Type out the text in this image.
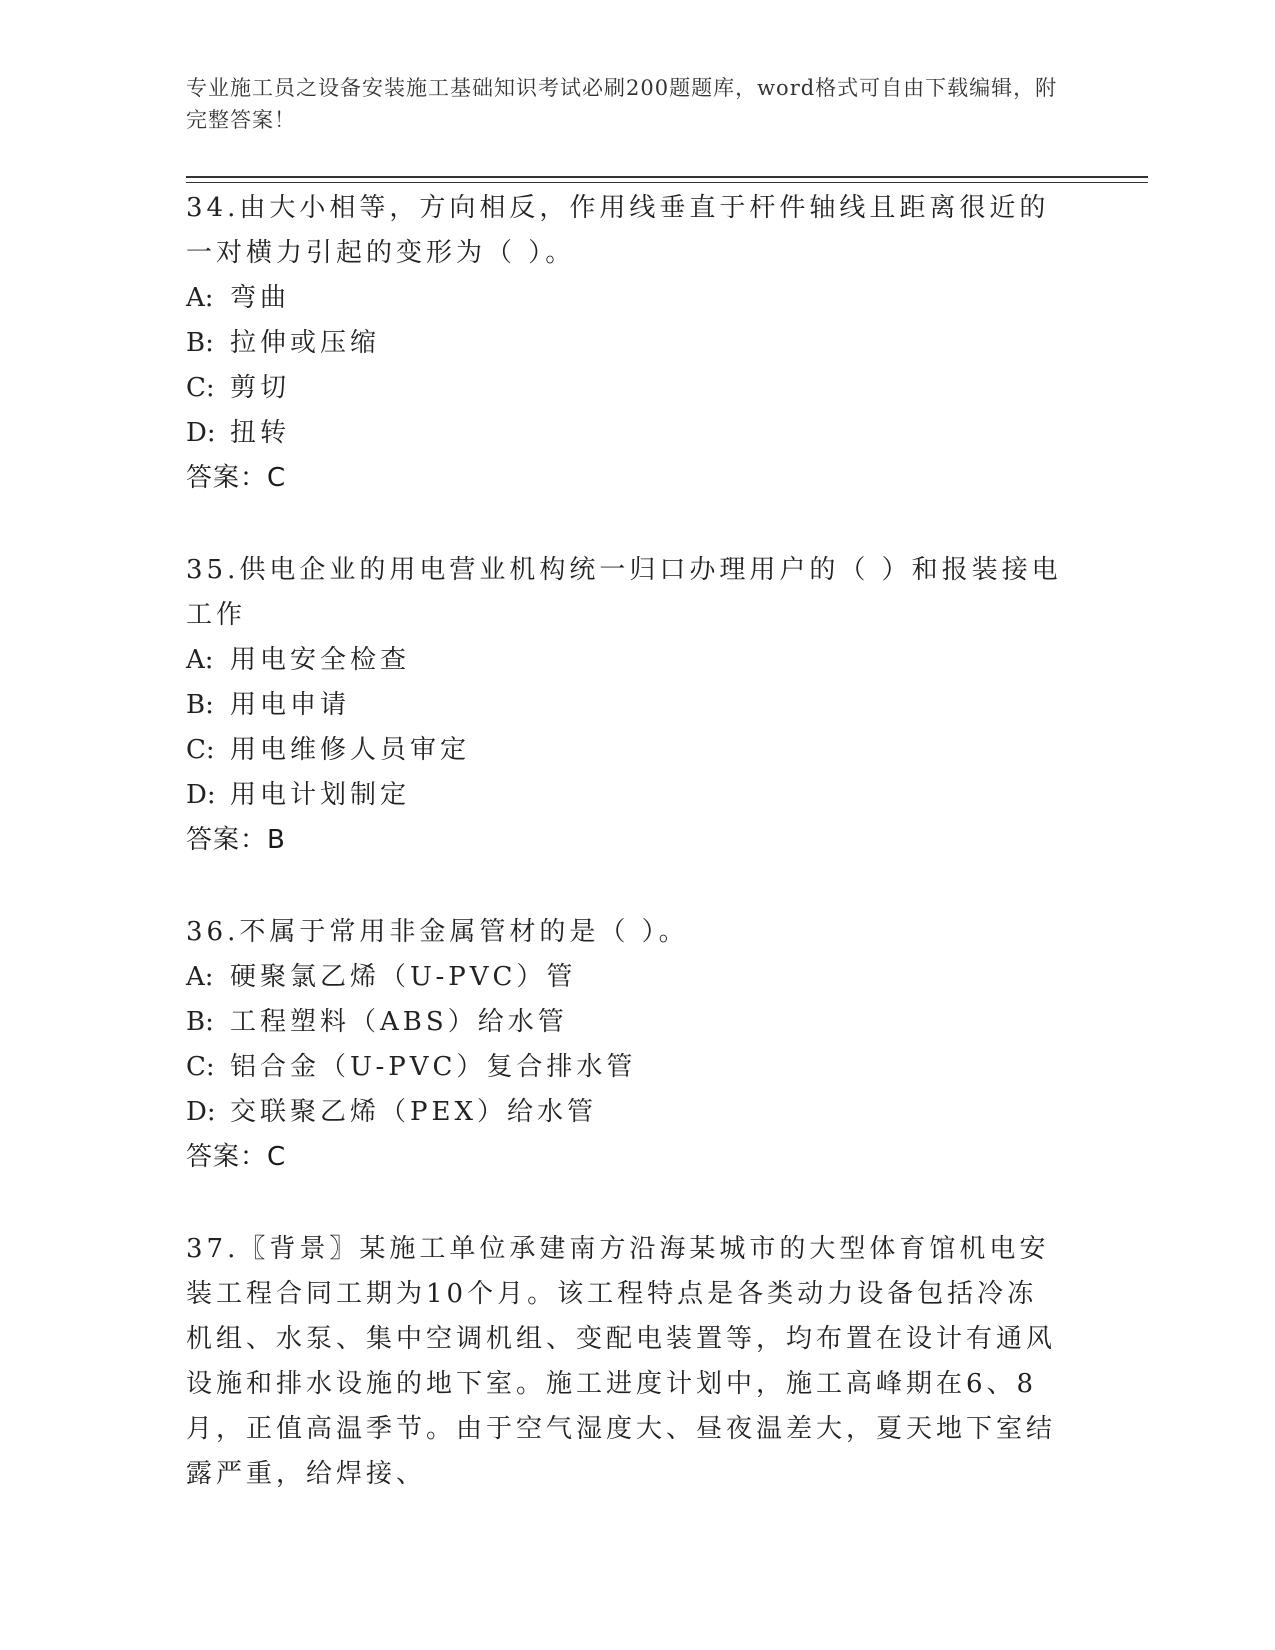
专业施工员之设备安装施工基础知识考试必刷200题题库，word格式可自由下载编辑，附完整答案！

34.由大小相等，方向相反，作用线垂直于杆件轴线且距离很近的一对横力引起的变形为（ ）。

A: 弯曲
B: 拉伸或压缩
C: 剪切
D: 扭转

答案：C

35.供电企业的用电营业机构统一归口办理用户的（ ）和报装接电工作

A: 用电安全检查
B: 用电申请
C: 用电维修人员审定
D: 用电计划制定

答案：B

36.不属于常用非金属管材的是（ ）。

A: 硬聚氯乙烯（U-PVC）管
B: 工程塑料（ABS）给水管
C: 铝合金（U-PVC）复合排水管
D: 交联聚乙烯（PEX）给水管

答案：C

37.〖背景〗某施工单位承建南方沿海某城市的大型体育馆机电安装工程合同工期为10个月。该工程特点是各类动力设备包括冷冻机组、水泵、集中空调机组、变配电装置等，均布置在设计有通风设施和排水设施的地下室。施工进度计划中，施工高峰期在6、8月，正值高温季节。由于空气湿度大、昼夜温差大，夏天地下室结露严重，给焊接、
